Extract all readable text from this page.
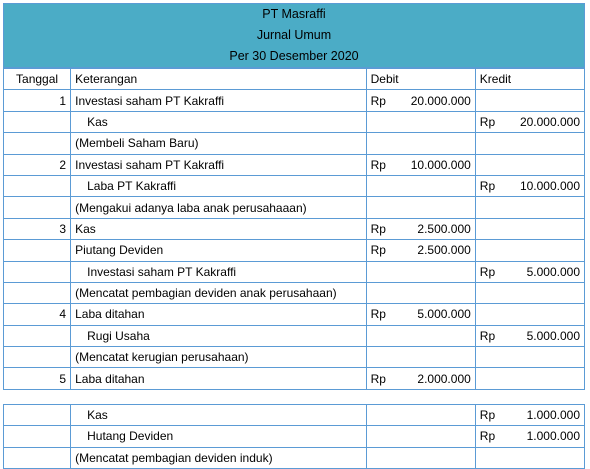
PT Masraffi
Jurnal Umum
Per 30 Desember 2020
Tanggal	Keterangan	Debit	Kredit
1	Investasi saham PT Kakraffi	Rp 20.000.000	

	Kas		Rp 20.000.000

	(Membeli Saham Baru)	

2	Investasi saham PT Kakraffi	Rp 10.000.000	

	Laba PT Kakraffi		Rp 10.000.000

	(Mengakui adanya laba anak perusahaaan)	

3	Kas	Rp 2.500.000	

	Piutang Deviden	Rp 2.500.000	

	Investasi saham PT Kakraffi		Rp 5.000.000

	(Mencatat pembagian deviden anak perusahaan)	

4	Laba ditahan	Rp 5.000.000	

	Rugi Usaha		Rp 5.000.000

	(Mencatat kerugian perusahaan)	

5	Laba ditahan	Rp 2.000.000	

	Kas		Rp 1.000.000

	Hutang Deviden		Rp 1.000.000

	(Mencatat pembagian deviden induk)	
